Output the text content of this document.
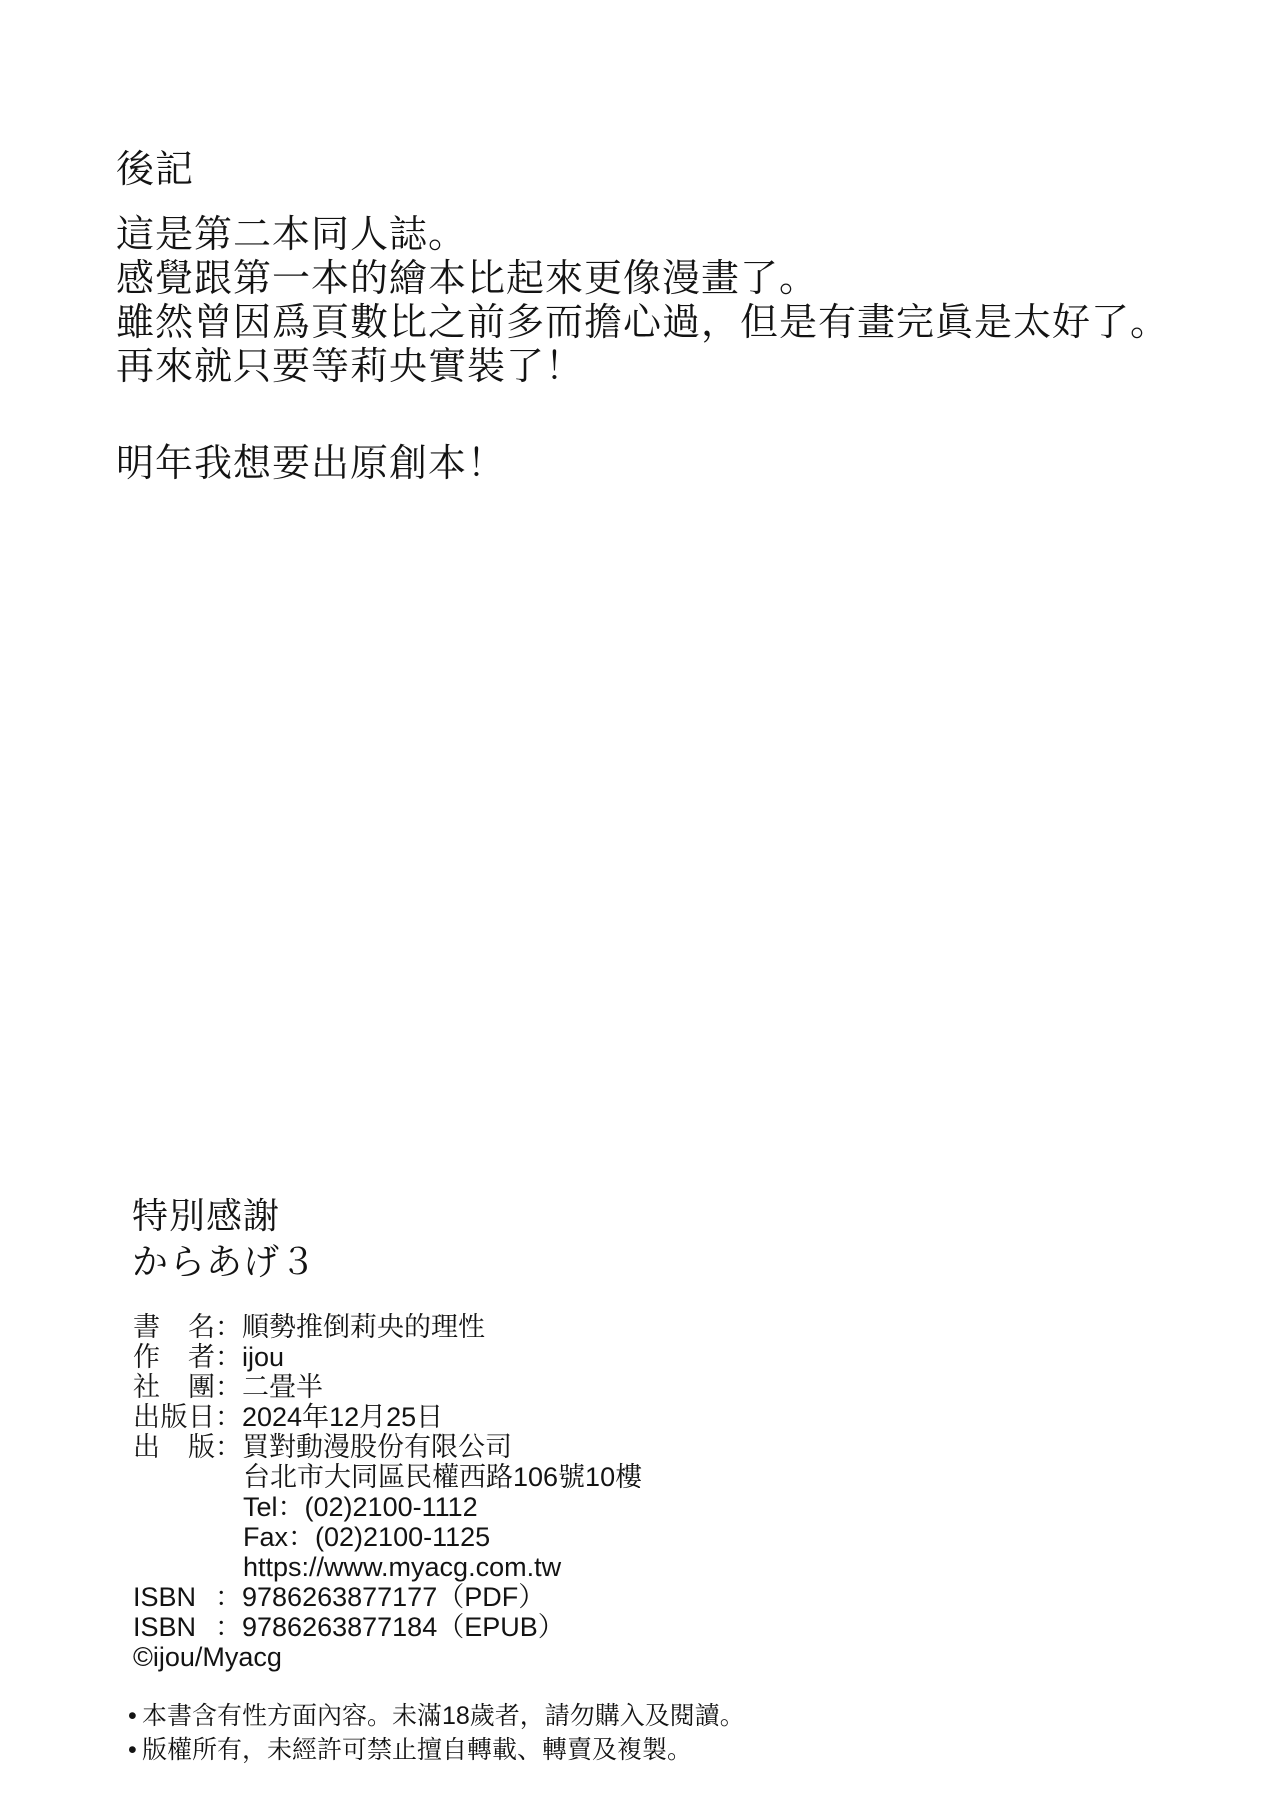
後記

這是第二本同人誌。

感覺跟第一本的繪本比起來更像漫畫了。

雖然曾因爲頁數比之前多而擔心過，但是有畫完眞是太好了。

再來就只要等莉央實裝了！

明年我想要出原創本！

特別感謝
からあげ３
書名：順勢推倒莉央的理性
作者：ijou
社團：二畳半
出版日：2024年12月25日
出版：買對動漫股份有限公司
台北市大同區民權西路106號10樓
Tel：(02)2100-1112
Fax：(02)2100-1125
https://www.myacg.com.tw
ISBN ：9786263877177（PDF）
ISBN ：9786263877184（EPUB）
©ijou/Myacg
• 本書含有性方面內容。未滿18歲者，請勿購入及閱讀。
• 版權所有，未經許可禁止擅自轉載、轉賣及複製。
